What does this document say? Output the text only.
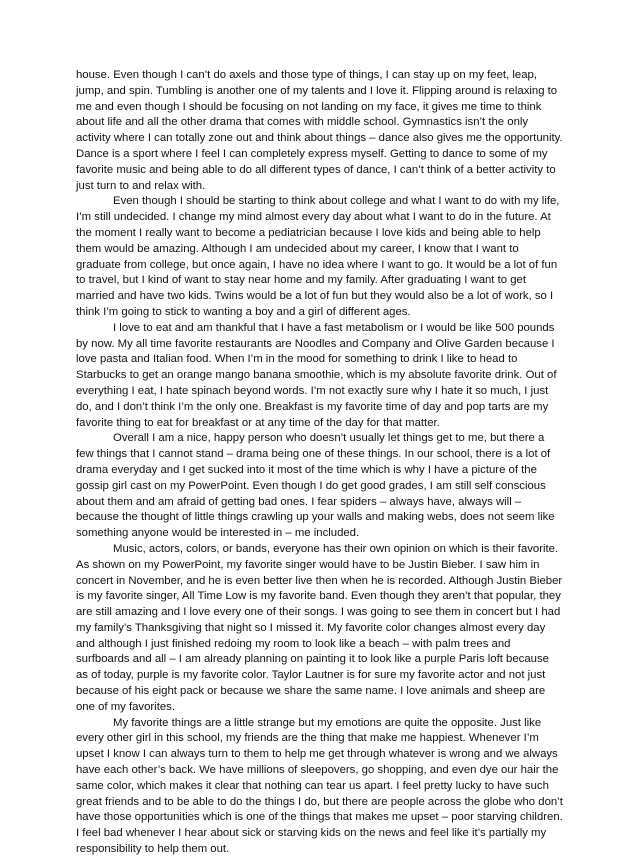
house. Even though I can’t do axels and those type of things, I can stay up on my feet, leap, jump, and spin. Tumbling is another one of my talents and I love it. Flipping around is relaxing to me and even though I should be focusing on not landing on my face, it gives me time to think about life and all the other drama that comes with middle school. Gymnastics isn’t the only activity where I can totally zone out and think about things – dance also gives me the opportunity. Dance is a sport where I feel I can completely express myself. Getting to dance to some of my favorite music and being able to do all different types of dance, I can’t think of a better activity to just turn to and relax with.

Even though I should be starting to think about college and what I want to do with my life, I’m still undecided. I change my mind almost every day about what I want to do in the future. At the moment I really want to become a pediatrician because I love kids and being able to help them would be amazing. Although I am undecided about my career, I know that I want to graduate from college, but once again, I have no idea where I want to go. It would be a lot of fun to travel, but I kind of want to stay near home and my family. After graduating I want to get married and have two kids. Twins would be a lot of fun but they would also be a lot of work, so I think I’m going to stick to wanting a boy and a girl of different ages.

I love to eat and am thankful that I have a fast metabolism or I would be like 500 pounds by now. My all time favorite restaurants are Noodles and Company and Olive Garden because I love pasta and Italian food. When I’m in the mood for something to drink I like to head to Starbucks to get an orange mango banana smoothie, which is my absolute favorite drink. Out of everything I eat, I hate spinach beyond words. I’m not exactly sure why I hate it so much, I just do, and I don’t think I’m the only one. Breakfast is my favorite time of day and pop tarts are my favorite thing to eat for breakfast or at any time of the day for that matter.

Overall I am a nice, happy person who doesn’t usually let things get to me, but there a few things that I cannot stand – drama being one of these things. In our school, there is a lot of drama everyday and I get sucked into it most of the time which is why I have a picture of the gossip girl cast on my PowerPoint. Even though I do get good grades, I am still self conscious about them and am afraid of getting bad ones. I fear spiders – always have, always will – because the thought of little things crawling up your walls and making webs, does not seem like something anyone would be interested in – me included.

Music, actors, colors, or bands, everyone has their own opinion on which is their favorite. As shown on my PowerPoint, my favorite singer would have to be Justin Bieber. I saw him in concert in November, and he is even better live then when he is recorded. Although Justin Bieber is my favorite singer, All Time Low is my favorite band. Even though they aren’t that popular, they are still amazing and I love every one of their songs. I was going to see them in concert but I had my family’s Thanksgiving that night so I missed it. My favorite color changes almost every day and although I just finished redoing my room to look like a beach – with palm trees and surfboards and all – I am already planning on painting it to look like a purple Paris loft because as of today, purple is my favorite color. Taylor Lautner is for sure my favorite actor and not just because of his eight pack or because we share the same name. I love animals and sheep are one of my favorites.

My favorite things are a little strange but my emotions are quite the opposite. Just like every other girl in this school, my friends are the thing that make me happiest. Whenever I’m upset I know I can always turn to them to help me get through whatever is wrong and we always have each other’s back. We have millions of sleepovers, go shopping, and even dye our hair the same color, which makes it clear that nothing can tear us apart. I feel pretty lucky to have such great friends and to be able to do the things I do, but there are people across the globe who don’t have those opportunities which is one of the things that makes me upset – poor starving children. I feel bad whenever I hear about sick or starving kids on the news and feel like it’s partially my responsibility to help them out.
